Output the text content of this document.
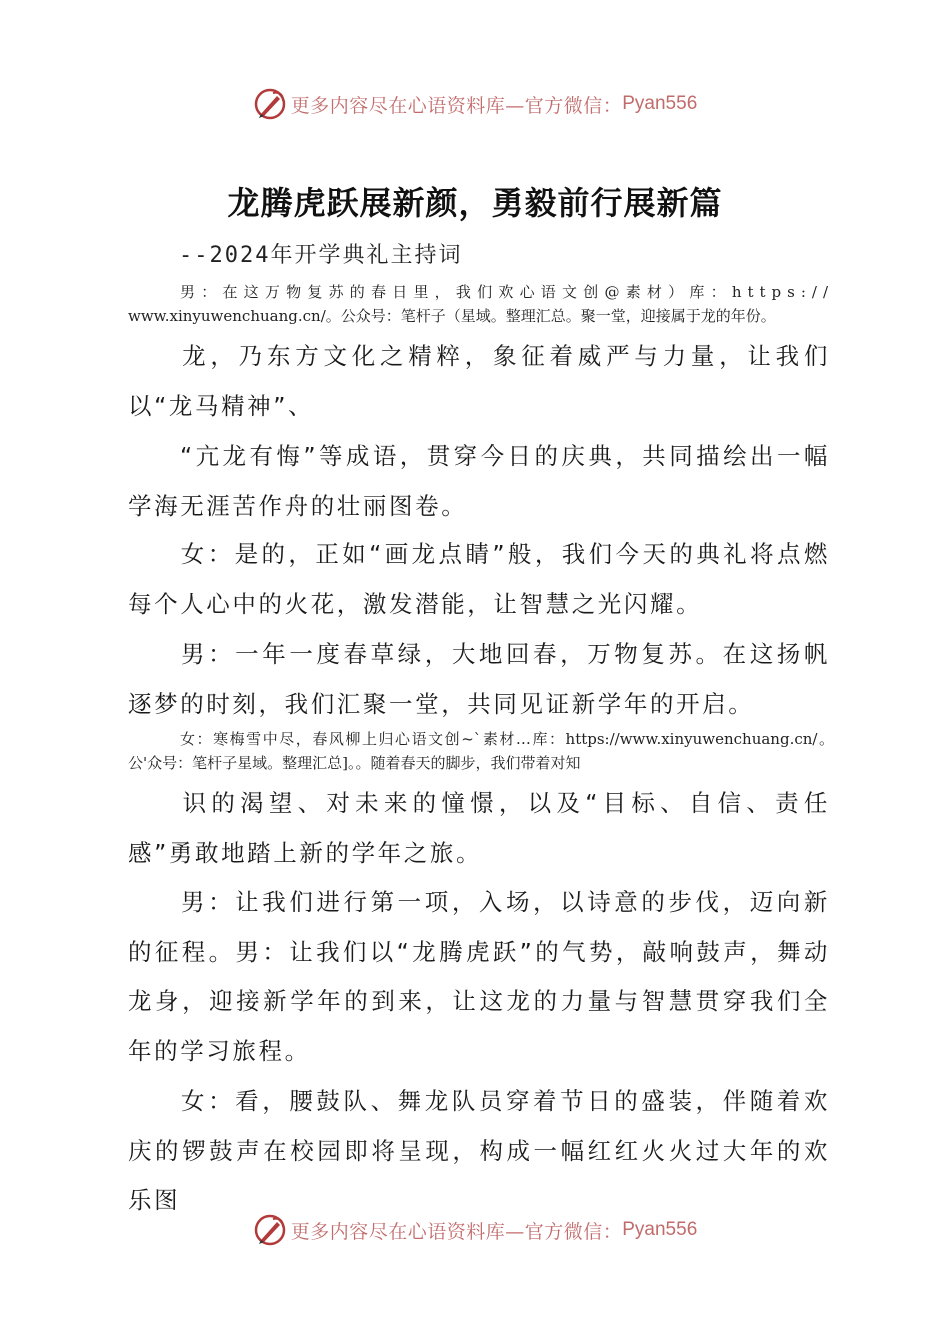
更多内容尽在心语资料库—官方微信： Pyan556
龙腾虎跃展新颜，勇毅前行展新篇
--2024年开学典礼主持词
男：在这万物复苏的春日里，我们欢心语文创@素材）库：https://
www.xinyuwenchuang.cn/。公众号：笔杆子（星域。整理汇总。聚一堂，迎接属于龙的年份。
龙，乃东方文化之精粹，象征着威严与力量，让我们以“龙马精神”、
“亢龙有悔”等成语，贯穿今日的庆典，共同描绘出一幅学海无涯苦作舟的壮丽图卷。
女：是的，正如“画龙点睛”般，我们今天的典礼将点燃每个人心中的火花，激发潜能，让智慧之光闪耀。
男：一年一度春草绿，大地回春，万物复苏。在这扬帆逐梦的时刻，我们汇聚一堂，共同见证新学年的开启。
女：寒梅雪中尽，春风柳上归心语文创~`素材…库：https://www.xinyuwenchuang.cn/。
公'众号：笔杆子星域。整理汇总]。。随着春天的脚步，我们带着对知
识的渴望、对未来的憧憬，以及“目标、自信、责任感”勇敢地踏上新的学年之旅。
男：让我们进行第一项，入场，以诗意的步伐，迈向新的征程。男：让我们以“龙腾虎跃”的气势，敲响鼓声，舞动龙身，迎接新学年的到来，让这龙的力量与智慧贯穿我们全年的学习旅程。
女：看，腰鼓队、舞龙队员穿着节日的盛装，伴随着欢庆的锣鼓声在校园即将呈现，构成一幅红红火火过大年的欢乐图
更多内容尽在心语资料库—官方微信： Pyan556
